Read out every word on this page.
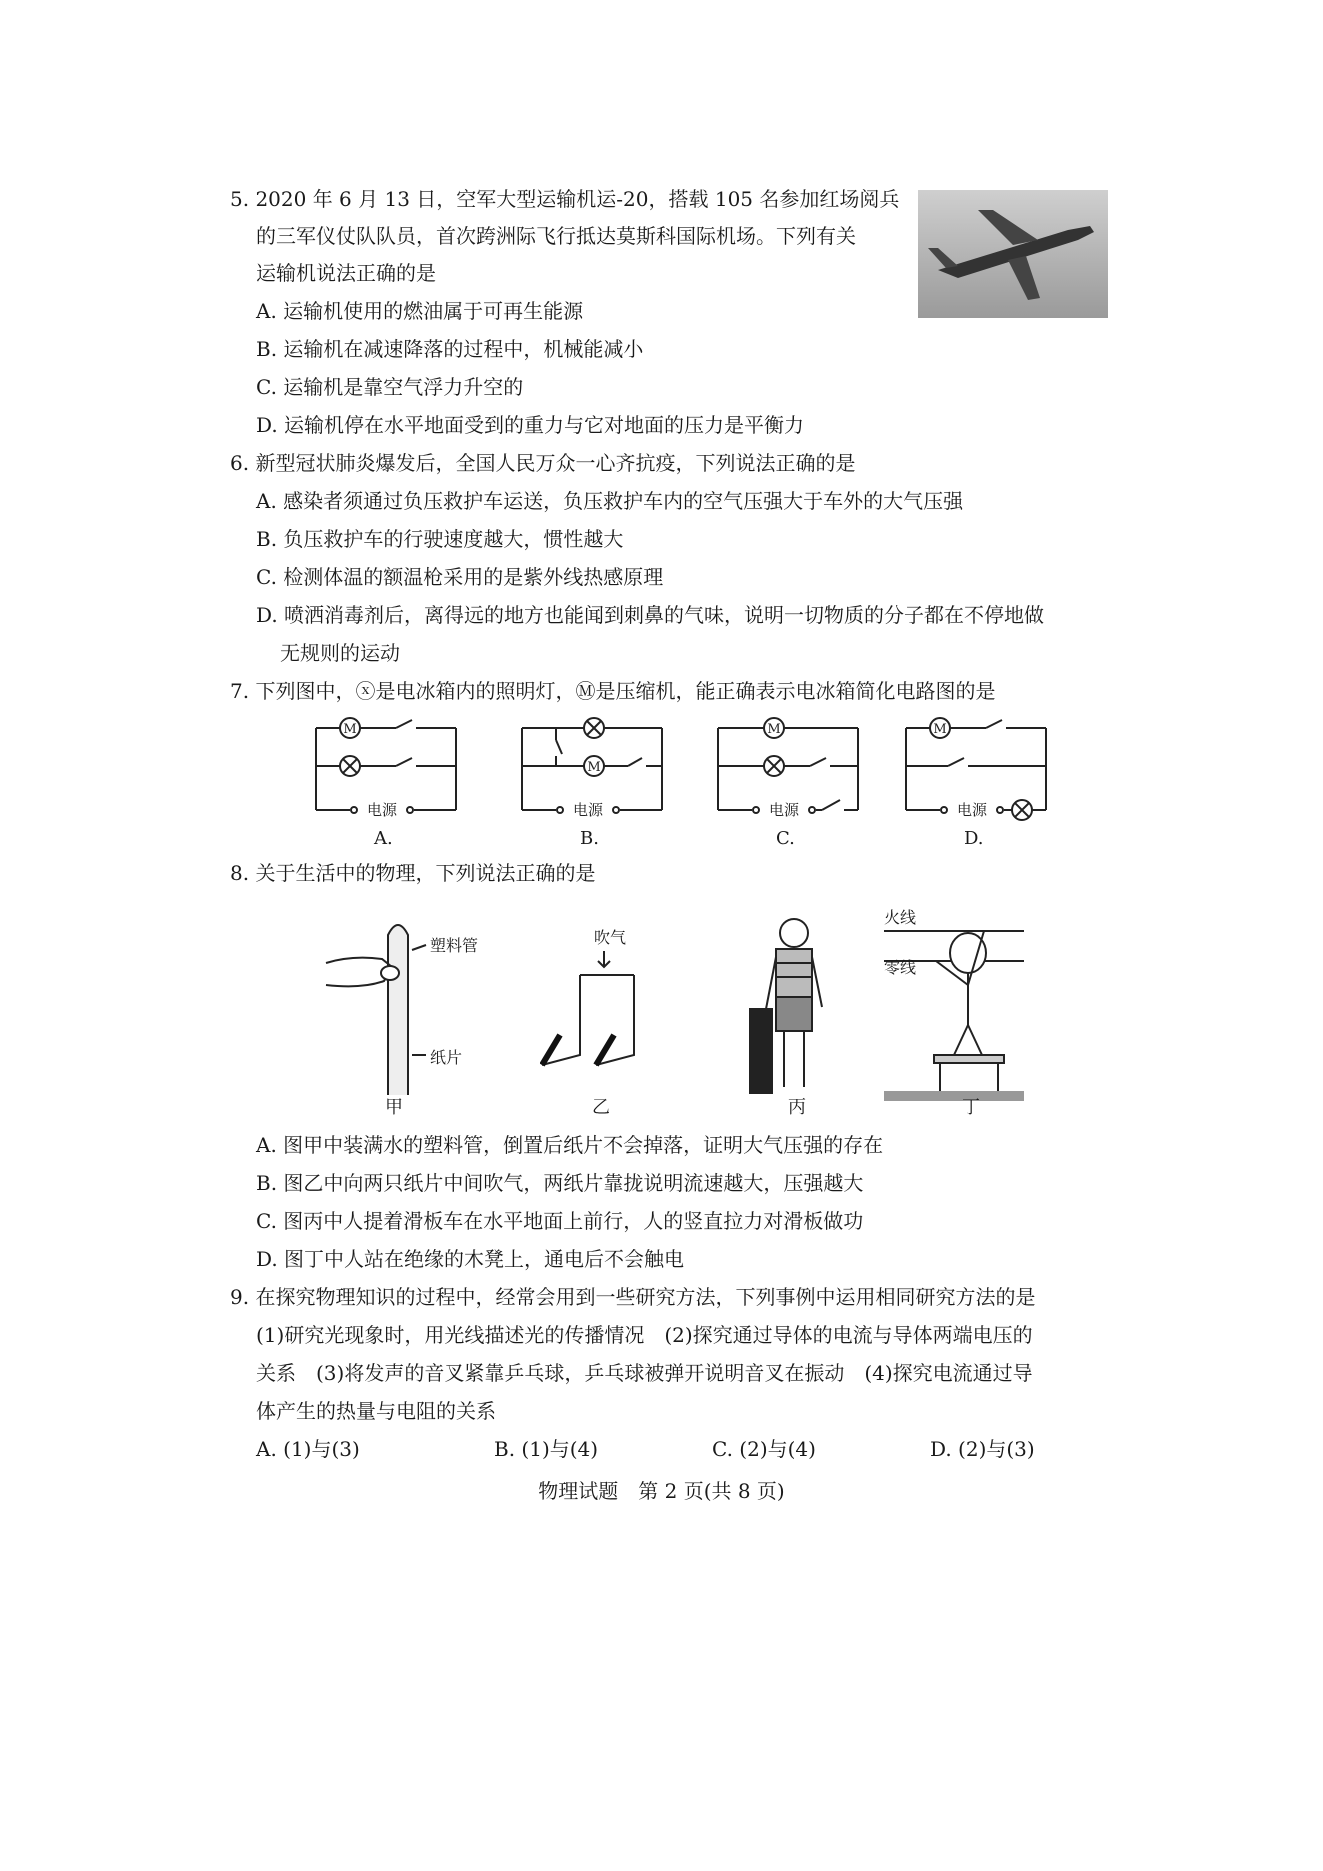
5. 2020 年 6 月 13 日，空军大型运输机运-20，搭载 105 名参加红场阅兵
的三军仪仗队队员，首次跨洲际飞行抵达莫斯科国际机场。下列有关
运输机说法正确的是
A. 运输机使用的燃油属于可再生能源
B. 运输机在减速降落的过程中，机械能减小
C. 运输机是靠空气浮力升空的
D. 运输机停在水平地面受到的重力与它对地面的压力是平衡力
6. 新型冠状肺炎爆发后，全国人民万众一心齐抗疫，下列说法正确的是
A. 感染者须通过负压救护车运送，负压救护车内的空气压强大于车外的大气压强
B. 负压救护车的行驶速度越大，惯性越大
C. 检测体温的额温枪采用的是紫外线热感原理
D. 喷洒消毒剂后，离得远的地方也能闻到刺鼻的气味，说明一切物质的分子都在不停地做
无规则的运动
7. 下列图中，ⓧ是电冰箱内的照明灯，Ⓜ是压缩机，能正确表示电冰箱简化电路图的是
M
电源
A.
M
电源
B.
M
电源
C.
M
电源
D.
8. 关于生活中的物理，下列说法正确的是
塑料管
纸片
吹气
火线
零线
甲	乙	丙	丁
A. 图甲中装满水的塑料管，倒置后纸片不会掉落，证明大气压强的存在
B. 图乙中向两只纸片中间吹气，两纸片靠拢说明流速越大，压强越大
C. 图丙中人提着滑板车在水平地面上前行，人的竖直拉力对滑板做功
D. 图丁中人站在绝缘的木凳上，通电后不会触电
9. 在探究物理知识的过程中，经常会用到一些研究方法，下列事例中运用相同研究方法的是
(1)研究光现象时，用光线描述光的传播情况　(2)探究通过导体的电流与导体两端电压的
关系　(3)将发声的音叉紧靠乒乓球，乒乓球被弹开说明音叉在振动　(4)探究电流通过导
体产生的热量与电阻的关系
A. (1)与(3)	B. (1)与(4)	C. (2)与(4)	D. (2)与(3)
物理试题　第 2 页(共 8 页)
